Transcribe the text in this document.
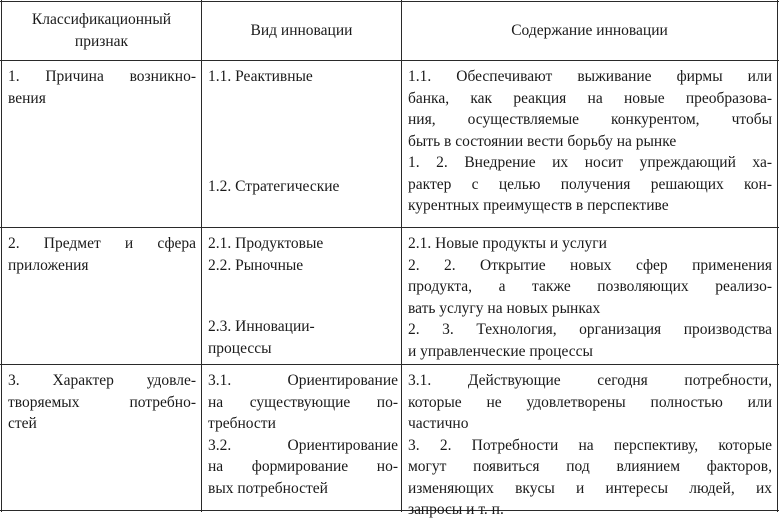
Классификационный
признак
Вид инновации	Содержание инновации
1. Причина возникно-
вения
1.1. Реактивные
1.2. Стратегические
1.1. Обеспечивают выживание фирмы или
банка, как реакция на новые преобразова-
ния, осуществляемые конкурентом, чтобы
быть в состоянии вести борьбу на рынке
1. 2. Внедрение их носит упреждающий ха-
рактер с целью получения решающих кон-
курентных преимуществ в перспективе
2. Предмет и сфера
приложения
2.1. Продуктовые
2.2. Рыночные
2.3. Инновации-
процессы
2.1. Новые продукты и услуги
2. 2. Открытие новых сфер применения
продукта, а также позволяющих реализо-
вать услугу на новых рынках
2. 3. Технология, организация производства
и управленческие процессы
3. Характер удовле-
творяемых потребно-
стей
3.1. Ориентирование
на существующие по-
требности
3.2. Ориентирование
на формирование но-
вых потребностей
3.1. Действующие сегодня потребности,
которые не удовлетворены полностью или
частично
3. 2. Потребности на перспективу, которые
могут появиться под влиянием факторов,
изменяющих вкусы и интересы людей, их
запросы и т. п.
